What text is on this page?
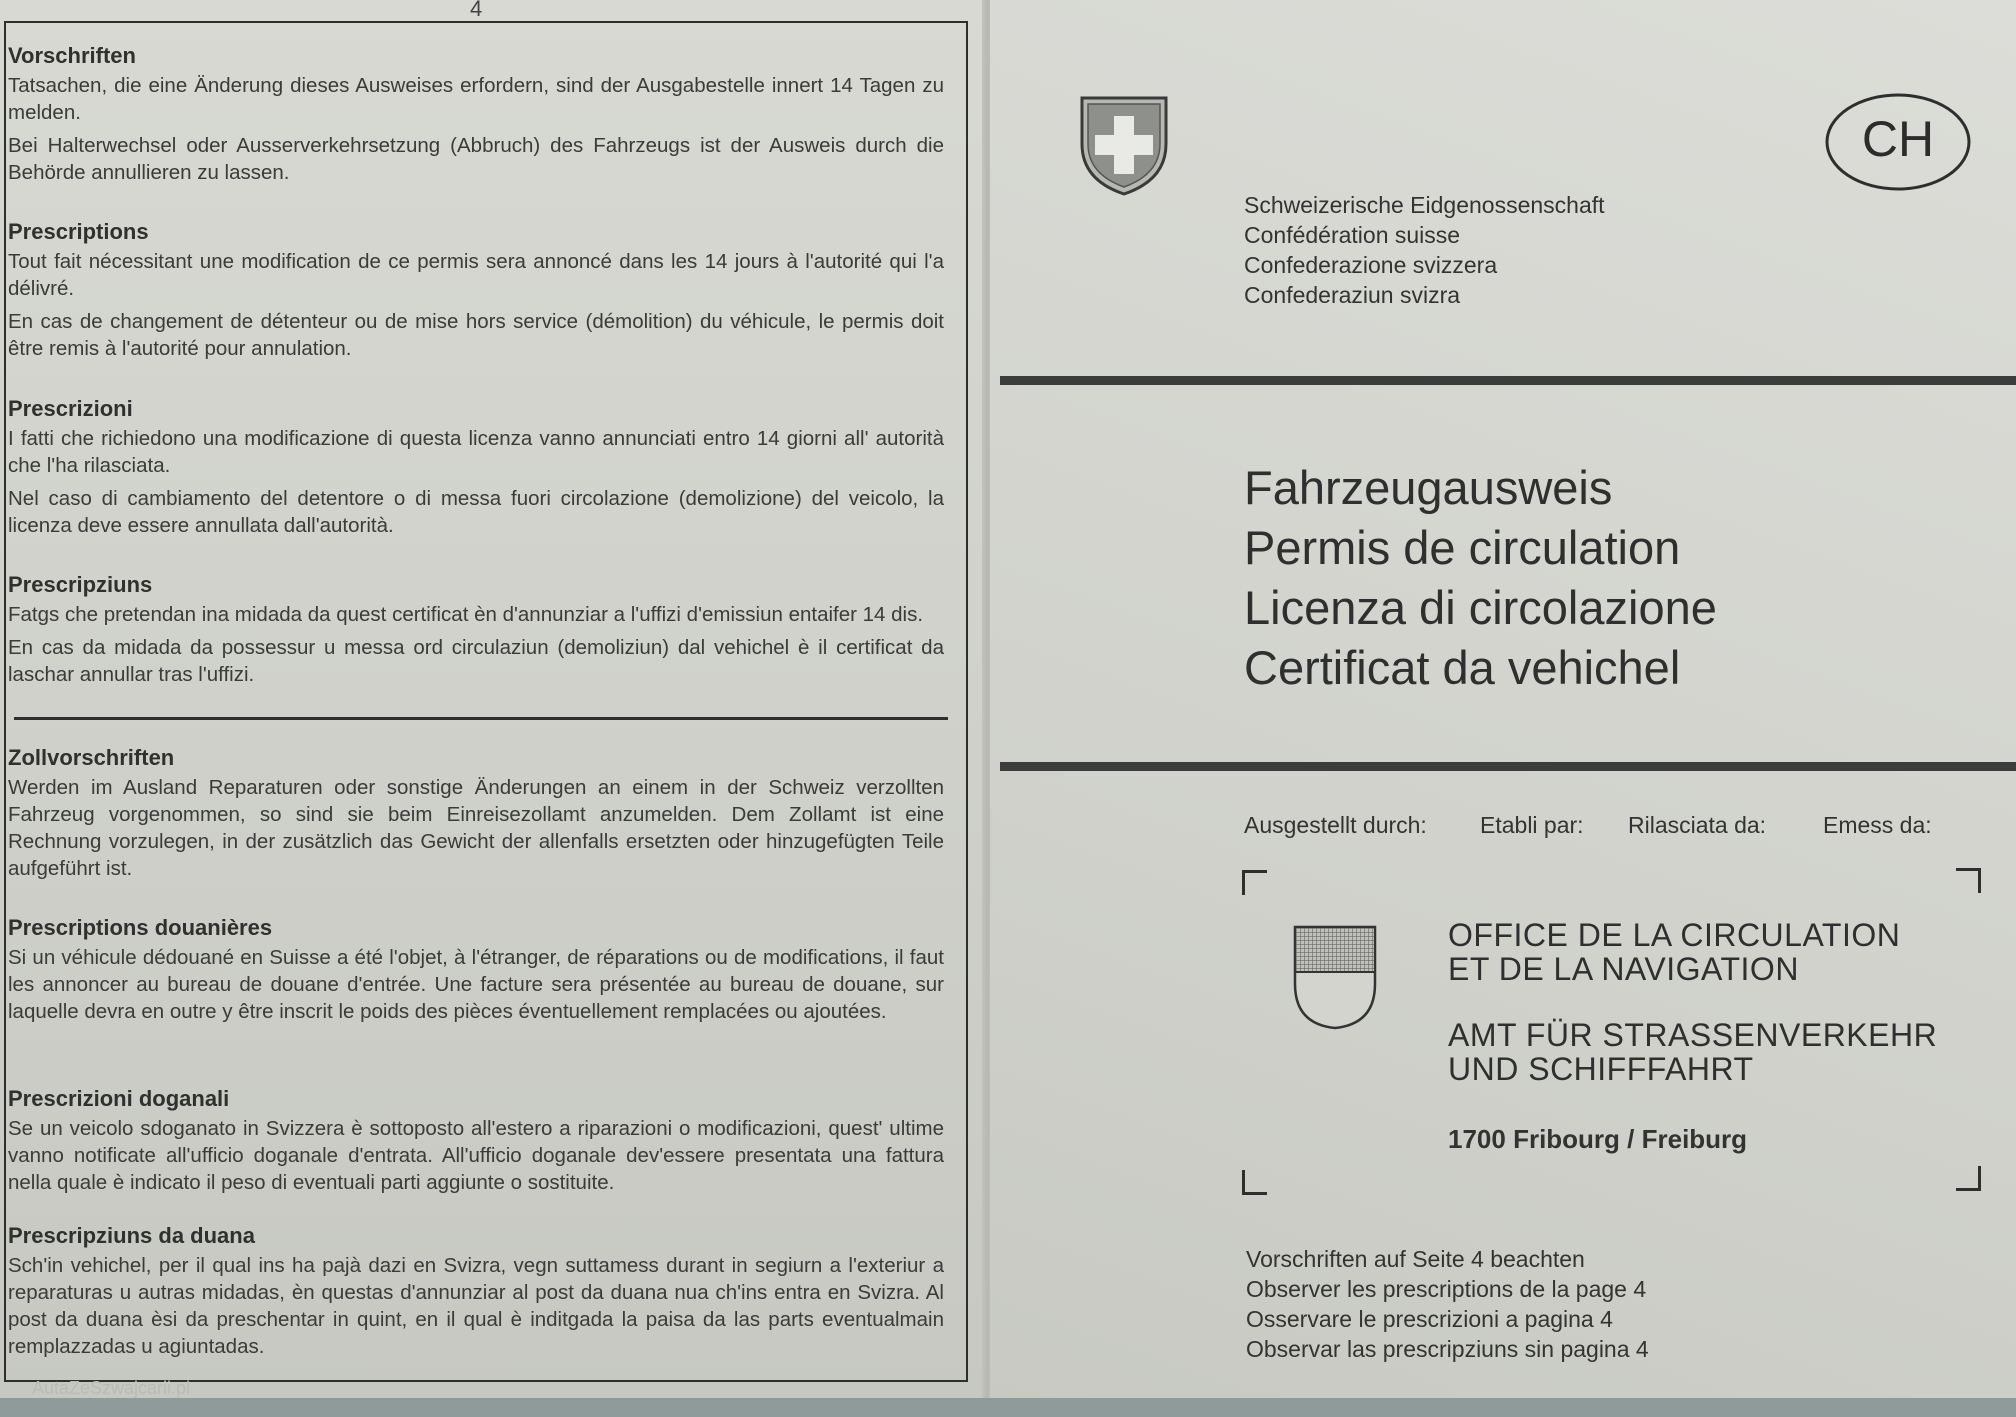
4
Vorschriften

Tatsachen, die eine Änderung dieses Ausweises erfordern, sind der Ausgabestelle innert 14 Tagen zu melden.

Bei Halterwechsel oder Ausserverkehrsetzung (Abbruch) des Fahrzeugs ist der Ausweis durch die Behörde annullieren zu lassen.

Prescriptions

Tout fait nécessitant une modification de ce permis sera annoncé dans les 14 jours à l'autorité qui l'a délivré.

En cas de changement de détenteur ou de mise hors service (démolition) du véhicule, le permis doit être remis à l'autorité pour annulation.

Prescrizioni

I fatti che richiedono una modificazione di questa licenza vanno annunciati entro 14 giorni all' autorità che l'ha rilasciata.

Nel caso di cambiamento del detentore o di messa fuori circolazione (demolizione) del veicolo, la licenza deve essere annullata dall'autorità.

Prescripziuns

Fatgs che pretendan ina midada da quest certificat èn d'annunziar a l'uffizi d'emissiun entaifer 14 dis.

En cas da midada da possessur u messa ord circulaziun (demoliziun) dal vehichel è il certificat da laschar annullar tras l'uffizi.

Zollvorschriften

Werden im Ausland Reparaturen oder sonstige Änderungen an einem in der Schweiz verzollten Fahrzeug vorgenommen, so sind sie beim Einreisezollamt anzumelden. Dem Zollamt ist eine Rechnung vorzulegen, in der zusätzlich das Gewicht der allenfalls ersetzten oder hinzugefügten Teile aufgeführt ist.

Prescriptions douanières

Si un véhicule dédouané en Suisse a été l'objet, à l'étranger, de réparations ou de modifications, il faut les annoncer au bureau de douane d'entrée. Une facture sera présentée au bureau de douane, sur laquelle devra en outre y être inscrit le poids des pièces éventuellement remplacées ou ajoutées.

Prescrizioni doganali

Se un veicolo sdoganato in Svizzera è sottoposto all'estero a riparazioni o modificazioni, quest' ultime vanno notificate all'ufficio doganale d'entrata. All'ufficio doganale dev'essere presentata una fattura nella quale è indicato il peso di eventuali parti aggiunte o sostituite.

Prescripziuns da duana

Sch'in vehichel, per il qual ins ha pajà dazi en Svizra, vegn suttamess durant in segiurn a l'exteriur a reparaturas u autras midadas, èn questas d'annunziar al post da duana nua ch'ins entra en Svizra. Al post da duana èsi da preschentar in quint, en il qual è inditgada la paisa da las parts eventualmain remplazzadas u agiuntadas.

AutaZeSzwajcarii.pl
CH
Schweizerische Eidgenossenschaft
Confédération suisse
Confederazione svizzera
Confederaziun svizra
Fahrzeugausweis
Permis de circulation
Licenza di circolazione
Certificat da vehichel
Ausgestellt durch: Etabli par: Rilasciata da: Emess da:
OFFICE DE LA CIRCULATION
ET DE LA NAVIGATION
AMT FÜR STRASSENVERKEHR
UND SCHIFFFAHRT
1700 Fribourg / Freiburg
Vorschriften auf Seite 4 beachten
Observer les prescriptions de la page 4
Osservare le prescrizioni a pagina 4
Observar las prescripziuns sin pagina 4
